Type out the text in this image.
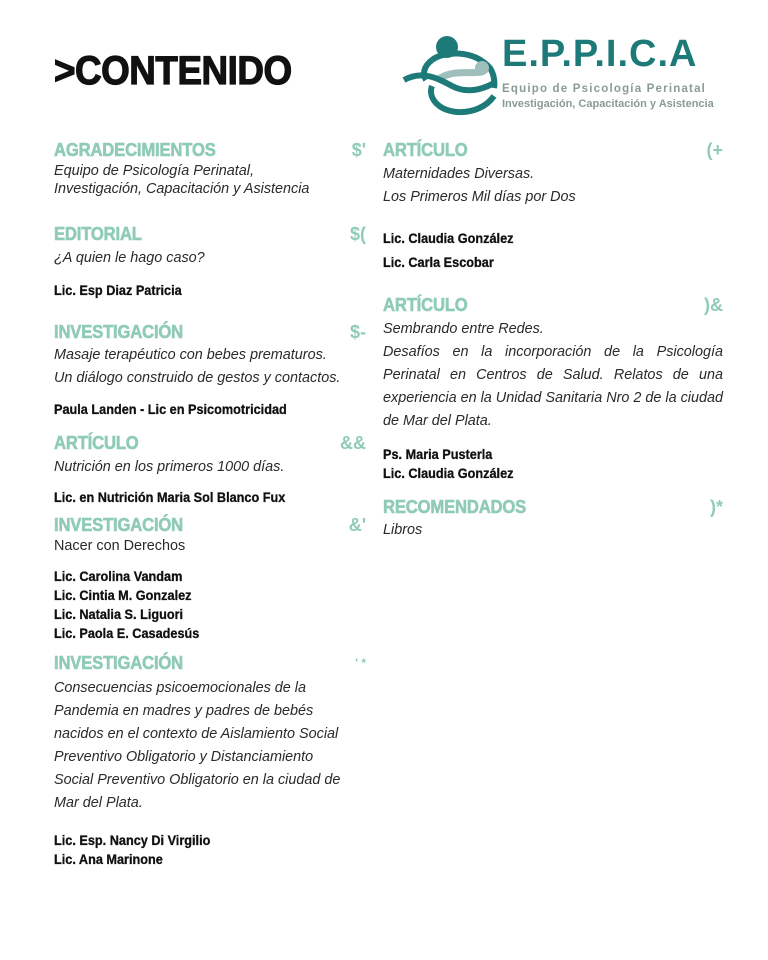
>CONTENIDO	E.P.P.I.C.A
Equipo de Psicología Perinatal
Investigación, Capacitación y Asistencia
AGRADECIMIENTOS	$'
Equipo de Psicología Perinatal,
Investigación, Capacitación y Asistencia
EDITORIAL	$(
¿A quien le hago caso?
Lic. Esp Diaz Patricia
INVESTIGACIÓN	$-
Masaje terapéutico con bebes prematuros.
Un diálogo construido de gestos y contactos.
Paula Landen - Lic en Psicomotricidad
ARTÍCULO	&&
Nutrición en los primeros 1000 días.
Lic. en Nutrición Maria Sol Blanco Fux
INVESTIGACIÓN	&'
Nacer con Derechos
Lic. Carolina Vandam
Lic. Cintia M. Gonzalez
Lic. Natalia S. Liguori
Lic. Paola E. Casadesús
INVESTIGACIÓN	' *
Consecuencias psicoemocionales de la
Pandemia en madres y padres de bebés
nacidos en el contexto de Aislamiento Social
Preventivo Obligatorio y Distanciamiento
Social Preventivo Obligatorio en la ciudad de
Mar del Plata.
Lic. Esp. Nancy Di Virgilio
Lic. Ana Marinone
ARTÍCULO	(+
Maternidades Diversas.
Los Primeros Mil días por Dos
Lic. Claudia González
Lic. Carla Escobar
ARTÍCULO	)&
Sembrando entre Redes.
Desafíos en la incorporación de la Psicología Perinatal en Centros de Salud. Relatos de una experiencia en la Unidad Sanitaria Nro 2 de la ciudad de Mar del Plata.
Ps. Maria Pusterla
Lic. Claudia González
RECOMENDADOS	)*
Libros
